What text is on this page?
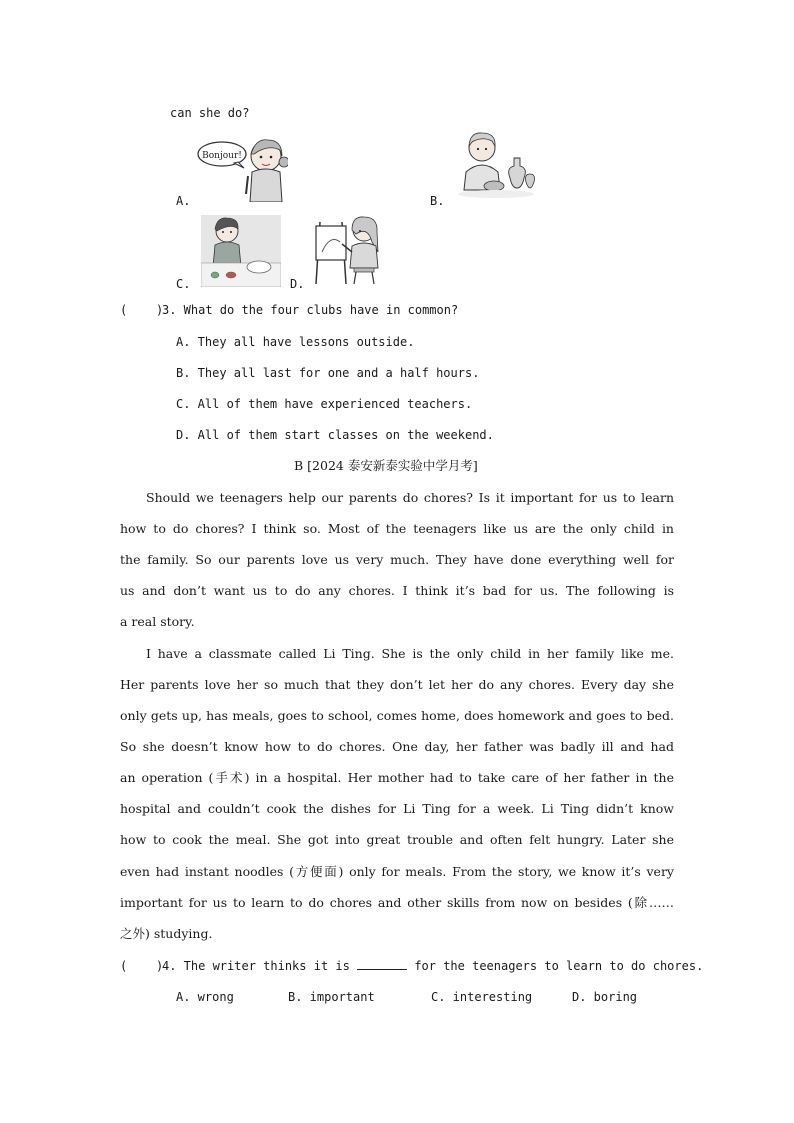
can she do?
Bonjour!
A.	B.
C.	D.
( )
3. What do the four clubs have in common?
A. They all have lessons outside.
B. They all last for one and a half hours.
C. All of them have experienced teachers.
D. All of them start classes on the weekend.
B [2024 泰安新泰实验中学月考]
Should we teenagers help our parents do chores? Is it important for us to learn
how to do chores? I think so. Most of the teenagers like us are the only child in
the family. So our parents love us very much. They have done everything well for
us and don’t want us to do any chores. I think it’s bad for us. The following is
a real story.
I have a classmate called Li Ting. She is the only child in her family like me.
Her parents love her so much that they don’t let her do any chores. Every day she
only gets up, has meals, goes to school, comes home, does homework and goes to bed.
So she doesn’t know how to do chores. One day, her father was badly ill and had
an operation (手术) in a hospital. Her mother had to take care of her father in the
hospital and couldn’t cook the dishes for Li Ting for a week. Li Ting didn’t know
how to cook the meal. She got into great trouble and often felt hungry. Later she
even had instant noodles (方便面) only for meals. From the story, we know it’s very
important for us to learn to do chores and other skills from now on besides (除……
之外) studying.
( )
4. The writer thinks it is	for the teenagers to learn to do chores.
A. wrong	B. important	C. interesting	D. boring
